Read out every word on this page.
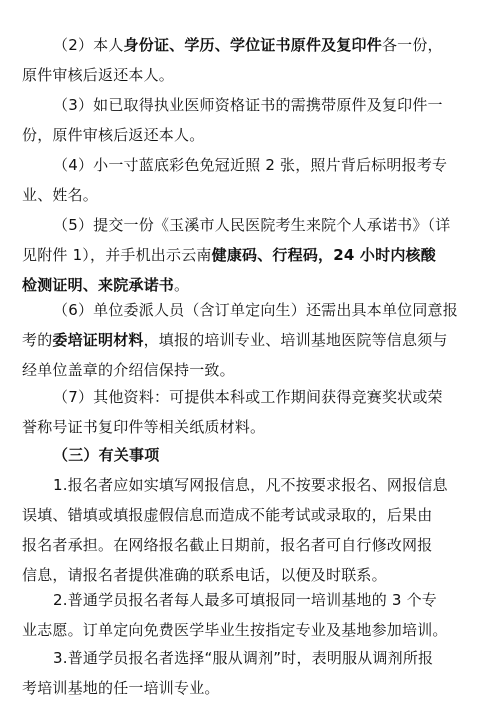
（2）本人身份证、学历、学位证书原件及复印件各一份，
原件审核后返还本人。
（3）如已取得执业医师资格证书的需携带原件及复印件一
份，原件审核后返还本人。
（4）小一寸蓝底彩色免冠近照 2 张，照片背后标明报考专
业、姓名。
（5）提交一份《玉溪市人民医院考生来院个人承诺书》（详
见附件 1），并手机出示云南健康码、行程码，24 小时内核酸
检测证明、来院承诺书。
（6）单位委派人员（含订单定向生）还需出具本单位同意报
考的委培证明材料，填报的培训专业、培训基地医院等信息须与
经单位盖章的介绍信保持一致。
（7）其他资料：可提供本科或工作期间获得竞赛奖状或荣
誉称号证书复印件等相关纸质材料。
（三）有关事项
1.报名者应如实填写网报信息，凡不按要求报名、网报信息
误填、错填或填报虚假信息而造成不能考试或录取的，后果由
报名者承担。在网络报名截止日期前，报名者可自行修改网报
信息，请报名者提供准确的联系电话，以便及时联系。
2.普通学员报名者每人最多可填报同一培训基地的 3 个专
业志愿。订单定向免费医学毕业生按指定专业及基地参加培训。
3.普通学员报名者选择“服从调剂”时，表明服从调剂所报
考培训基地的任一培训专业。
